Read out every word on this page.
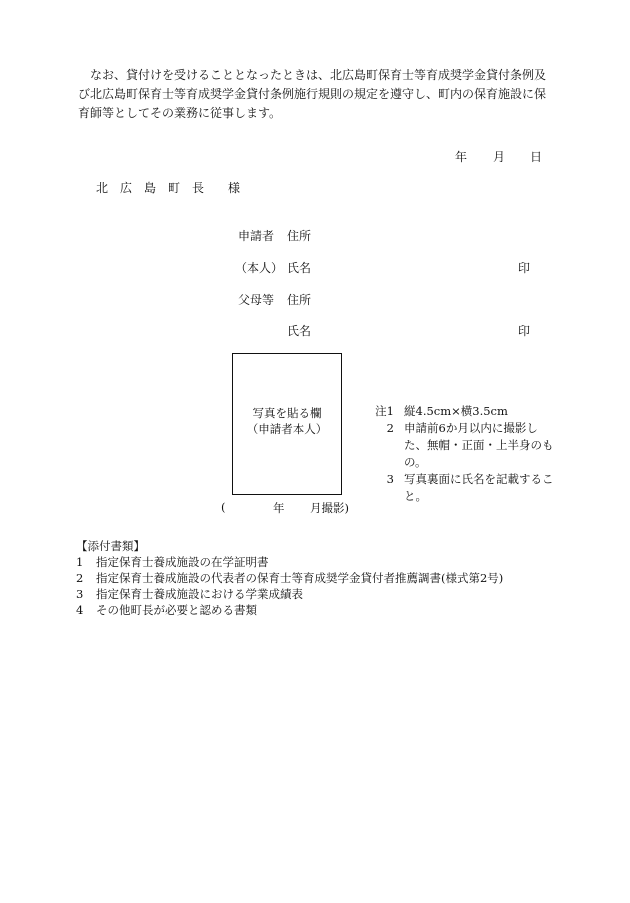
　なお、貸付けを受けることとなったときは、北広島町保育士等育成奨学金貸付条例及
び北広島町保育士等育成奨学金貸付条例施行規則の規定を遵守し、町内の保育施設に保
育師等としてその業務に従事します。
年 月 日
北　広　島　町　長　　様
申請者 住所
（本人） 氏名	印
父母等 住所
氏名	印
写真を貼る欄
（申請者本人）
(	年 月撮影)
注1 縦4.5cm×横3.5cm
2 申請前6か月以内に撮影した、無帽・正面・上半身のもの。
3 写真裏面に氏名を記載すること。
【添付書類】
1	指定保育士養成施設の在学証明書
2	指定保育士養成施設の代表者の保育士等育成奨学金貸付者推薦調書(様式第2号)
3	指定保育士養成施設における学業成績表
4	その他町長が必要と認める書類
